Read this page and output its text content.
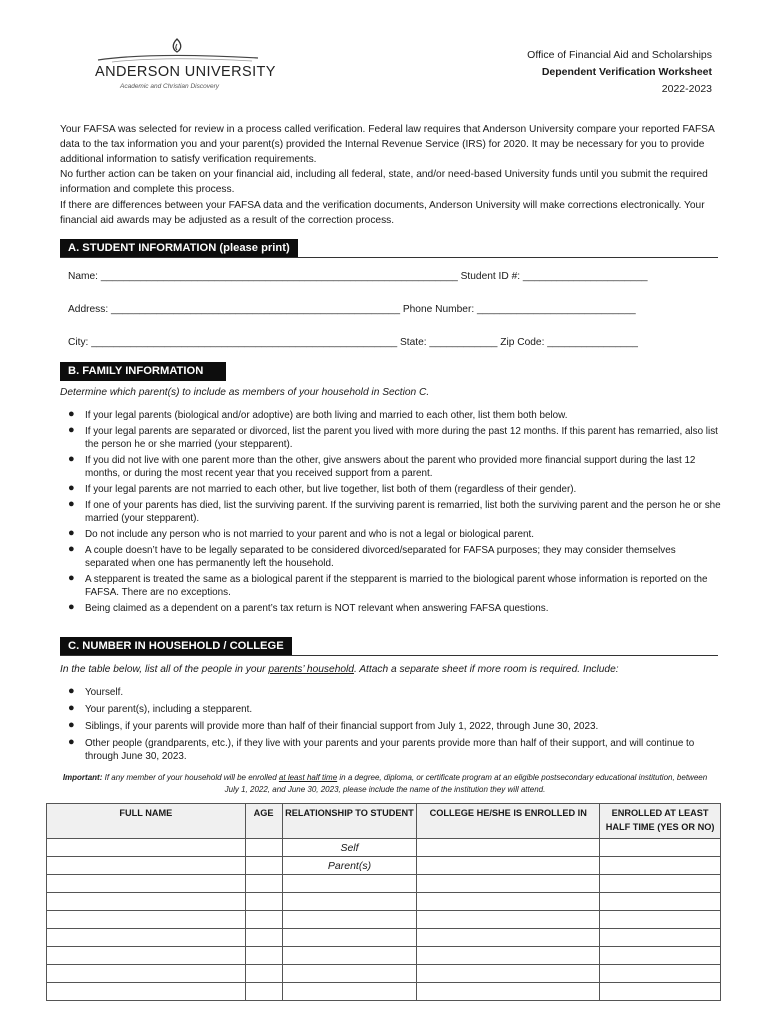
ANDERSON UNIVERSITY
Academic and Christian Discovery
Office of Financial Aid and Scholarships
Dependent Verification Worksheet
2022-2023
Your FAFSA was selected for review in a process called verification. Federal law requires that Anderson University compare your reported FAFSA data to the tax information you and your parent(s) provided the Internal Revenue Service (IRS) for 2020. It may be necessary for you to provide additional information to satisfy verification requirements.
No further action can be taken on your financial aid, including all federal, state, and/or need-based University funds until you submit the required information and complete this process.
If there are differences between your FAFSA data and the verification documents, Anderson University will make corrections electronically. Your financial aid awards may be adjusted as a result of the correction process.
A. STUDENT INFORMATION (please print)
Name: _______________________________________________________________ Student ID #: ______________________
Address: ___________________________________________________ Phone Number: ____________________________
City: ______________________________________________________ State: ____________ Zip Code: ________________
B. FAMILY INFORMATION
Determine which parent(s) to include as members of your household in Section C.
● If your legal parents (biological and/or adoptive) are both living and married to each other, list them both below.
● If your legal parents are separated or divorced, list the parent you lived with more during the past 12 months. If this parent has remarried, also list the person he or she married (your stepparent).
● If you did not live with one parent more than the other, give answers about the parent who provided more financial support during the last 12 months, or during the most recent year that you received support from a parent.
● If your legal parents are not married to each other, but live together, list both of them (regardless of their gender).
● If one of your parents has died, list the surviving parent. If the surviving parent is remarried, list both the surviving parent and the person he or she married (your stepparent).
● Do not include any person who is not married to your parent and who is not a legal or biological parent.
● A couple doesn’t have to be legally separated to be considered divorced/separated for FAFSA purposes; they may consider themselves separated when one has permanently left the household.
● A stepparent is treated the same as a biological parent if the stepparent is married to the biological parent whose information is reported on the FAFSA. There are no exceptions.
● Being claimed as a dependent on a parent’s tax return is NOT relevant when answering FAFSA questions.
C. NUMBER IN HOUSEHOLD / COLLEGE
In the table below, list all of the people in your parents’ household. Attach a separate sheet if more room is required. Include:
● Yourself.
● Your parent(s), including a stepparent.
● Siblings, if your parents will provide more than half of their financial support from July 1, 2022, through June 30, 2023.
● Other people (grandparents, etc.), if they live with your parents and your parents provide more than half of their support, and will continue to through June 30, 2023.
Important: If any member of your household will be enrolled at least half time in a degree, diploma, or certificate program at an eligible postsecondary educational institution, between July 1, 2022, and June 30, 2023, please include the name of the institution they will attend.
FULL NAME	AGE	RELATIONSHIP TO STUDENT	COLLEGE HE/SHE IS ENROLLED IN	ENROLLED AT LEAST HALF TIME (YES OR NO)
		Self		
		Parent(s)		
